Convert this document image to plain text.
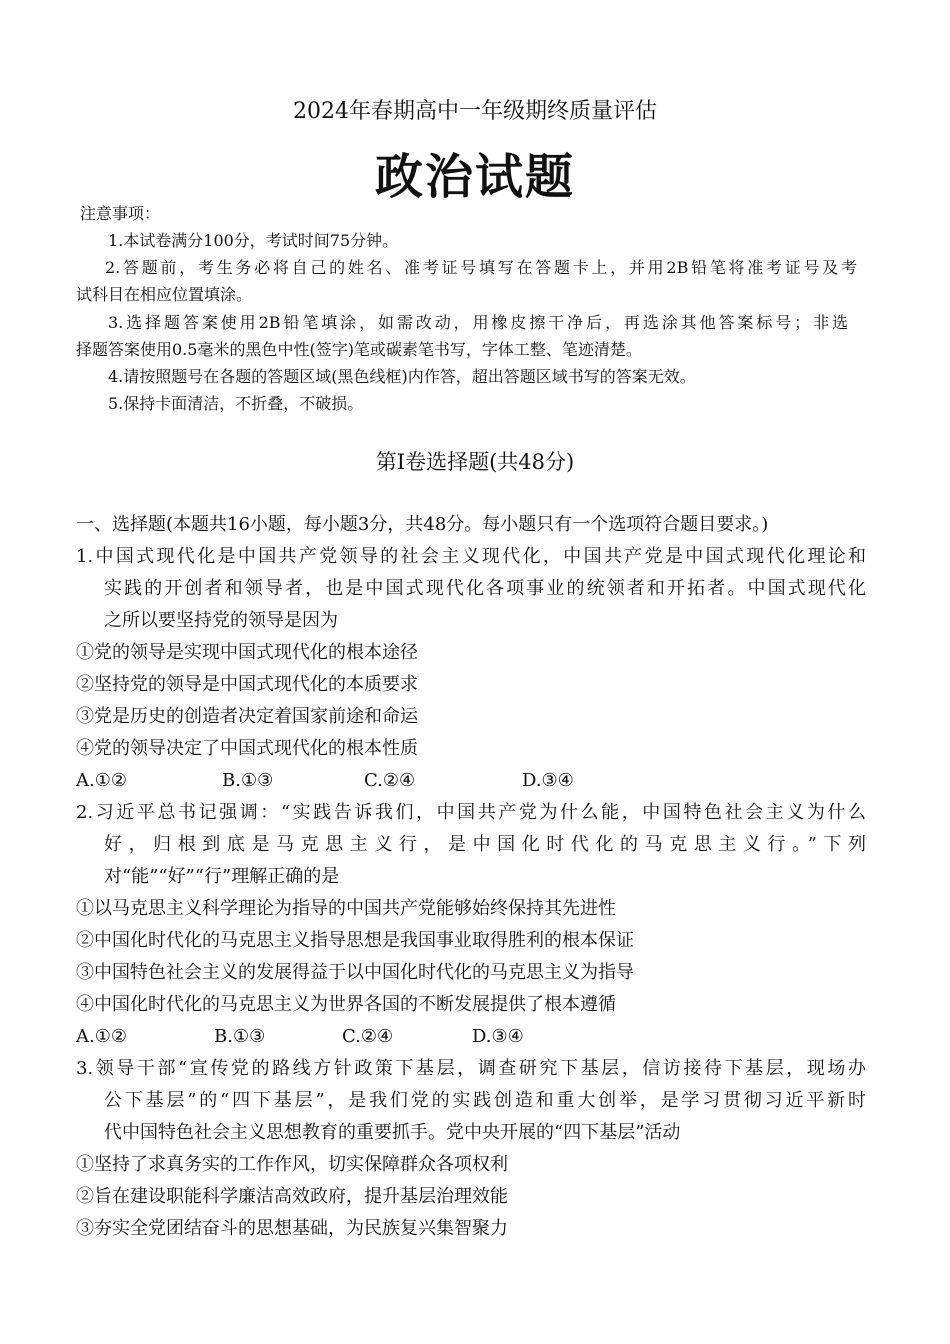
2024年春期高中一年级期终质量评估
政治试题
注意事项：
1.本试卷满分100分，考试时间75分钟。
2.答题前，考生务必将自己的姓名、准考证号填写在答题卡上，并用2B铅笔将准考证号及考
试科目在相应位置填涂。
3.选择题答案使用2B铅笔填涂，如需改动，用橡皮擦干净后，再选涂其他答案标号；非选
择题答案使用0.5毫米的黑色中性(签字)笔或碳素笔书写，字体工整、笔迹清楚。
4.请按照题号在各题的答题区域(黑色线框)内作答，超出答题区域书写的答案无效。
5.保持卡面清洁，不折叠，不破损。
第Ⅰ卷选择题(共48分)
一、选择题(本题共16小题，每小题3分，共48分。每小题只有一个选项符合题目要求。)
1.中国式现代化是中国共产党领导的社会主义现代化，中国共产党是中国式现代化理论和
实践的开创者和领导者，也是中国式现代化各项事业的统领者和开拓者。中国式现代化
之所以要坚持党的领导是因为
①党的领导是实现中国式现代化的根本途径
②坚持党的领导是中国式现代化的本质要求
③党是历史的创造者决定着国家前途和命运
④党的领导决定了中国式现代化的根本性质
A.①②	B.①③	C.②④	D.③④
2.习近平总书记强调：“实践告诉我们，中国共产党为什么能，中国特色社会主义为什么
好，归根到底是马克思主义行，是中国化时代化的马克思主义行。”下列
对“能”“好”“行”理解正确的是
①以马克思主义科学理论为指导的中国共产党能够始终保持其先进性
②中国化时代化的马克思主义指导思想是我国事业取得胜利的根本保证
③中国特色社会主义的发展得益于以中国化时代化的马克思主义为指导
④中国化时代化的马克思主义为世界各国的不断发展提供了根本遵循
A.①②	B.①③	C.②④	D.③④
3.领导干部“宣传党的路线方针政策下基层，调查研究下基层，信访接待下基层，现场办
公下基层”的“四下基层”，是我们党的实践创造和重大创举，是学习贯彻习近平新时
代中国特色社会主义思想教育的重要抓手。党中央开展的“四下基层”活动
①坚持了求真务实的工作作风，切实保障群众各项权利
②旨在建设职能科学廉洁高效政府，提升基层治理效能
③夯实全党团结奋斗的思想基础，为民族复兴集智聚力
